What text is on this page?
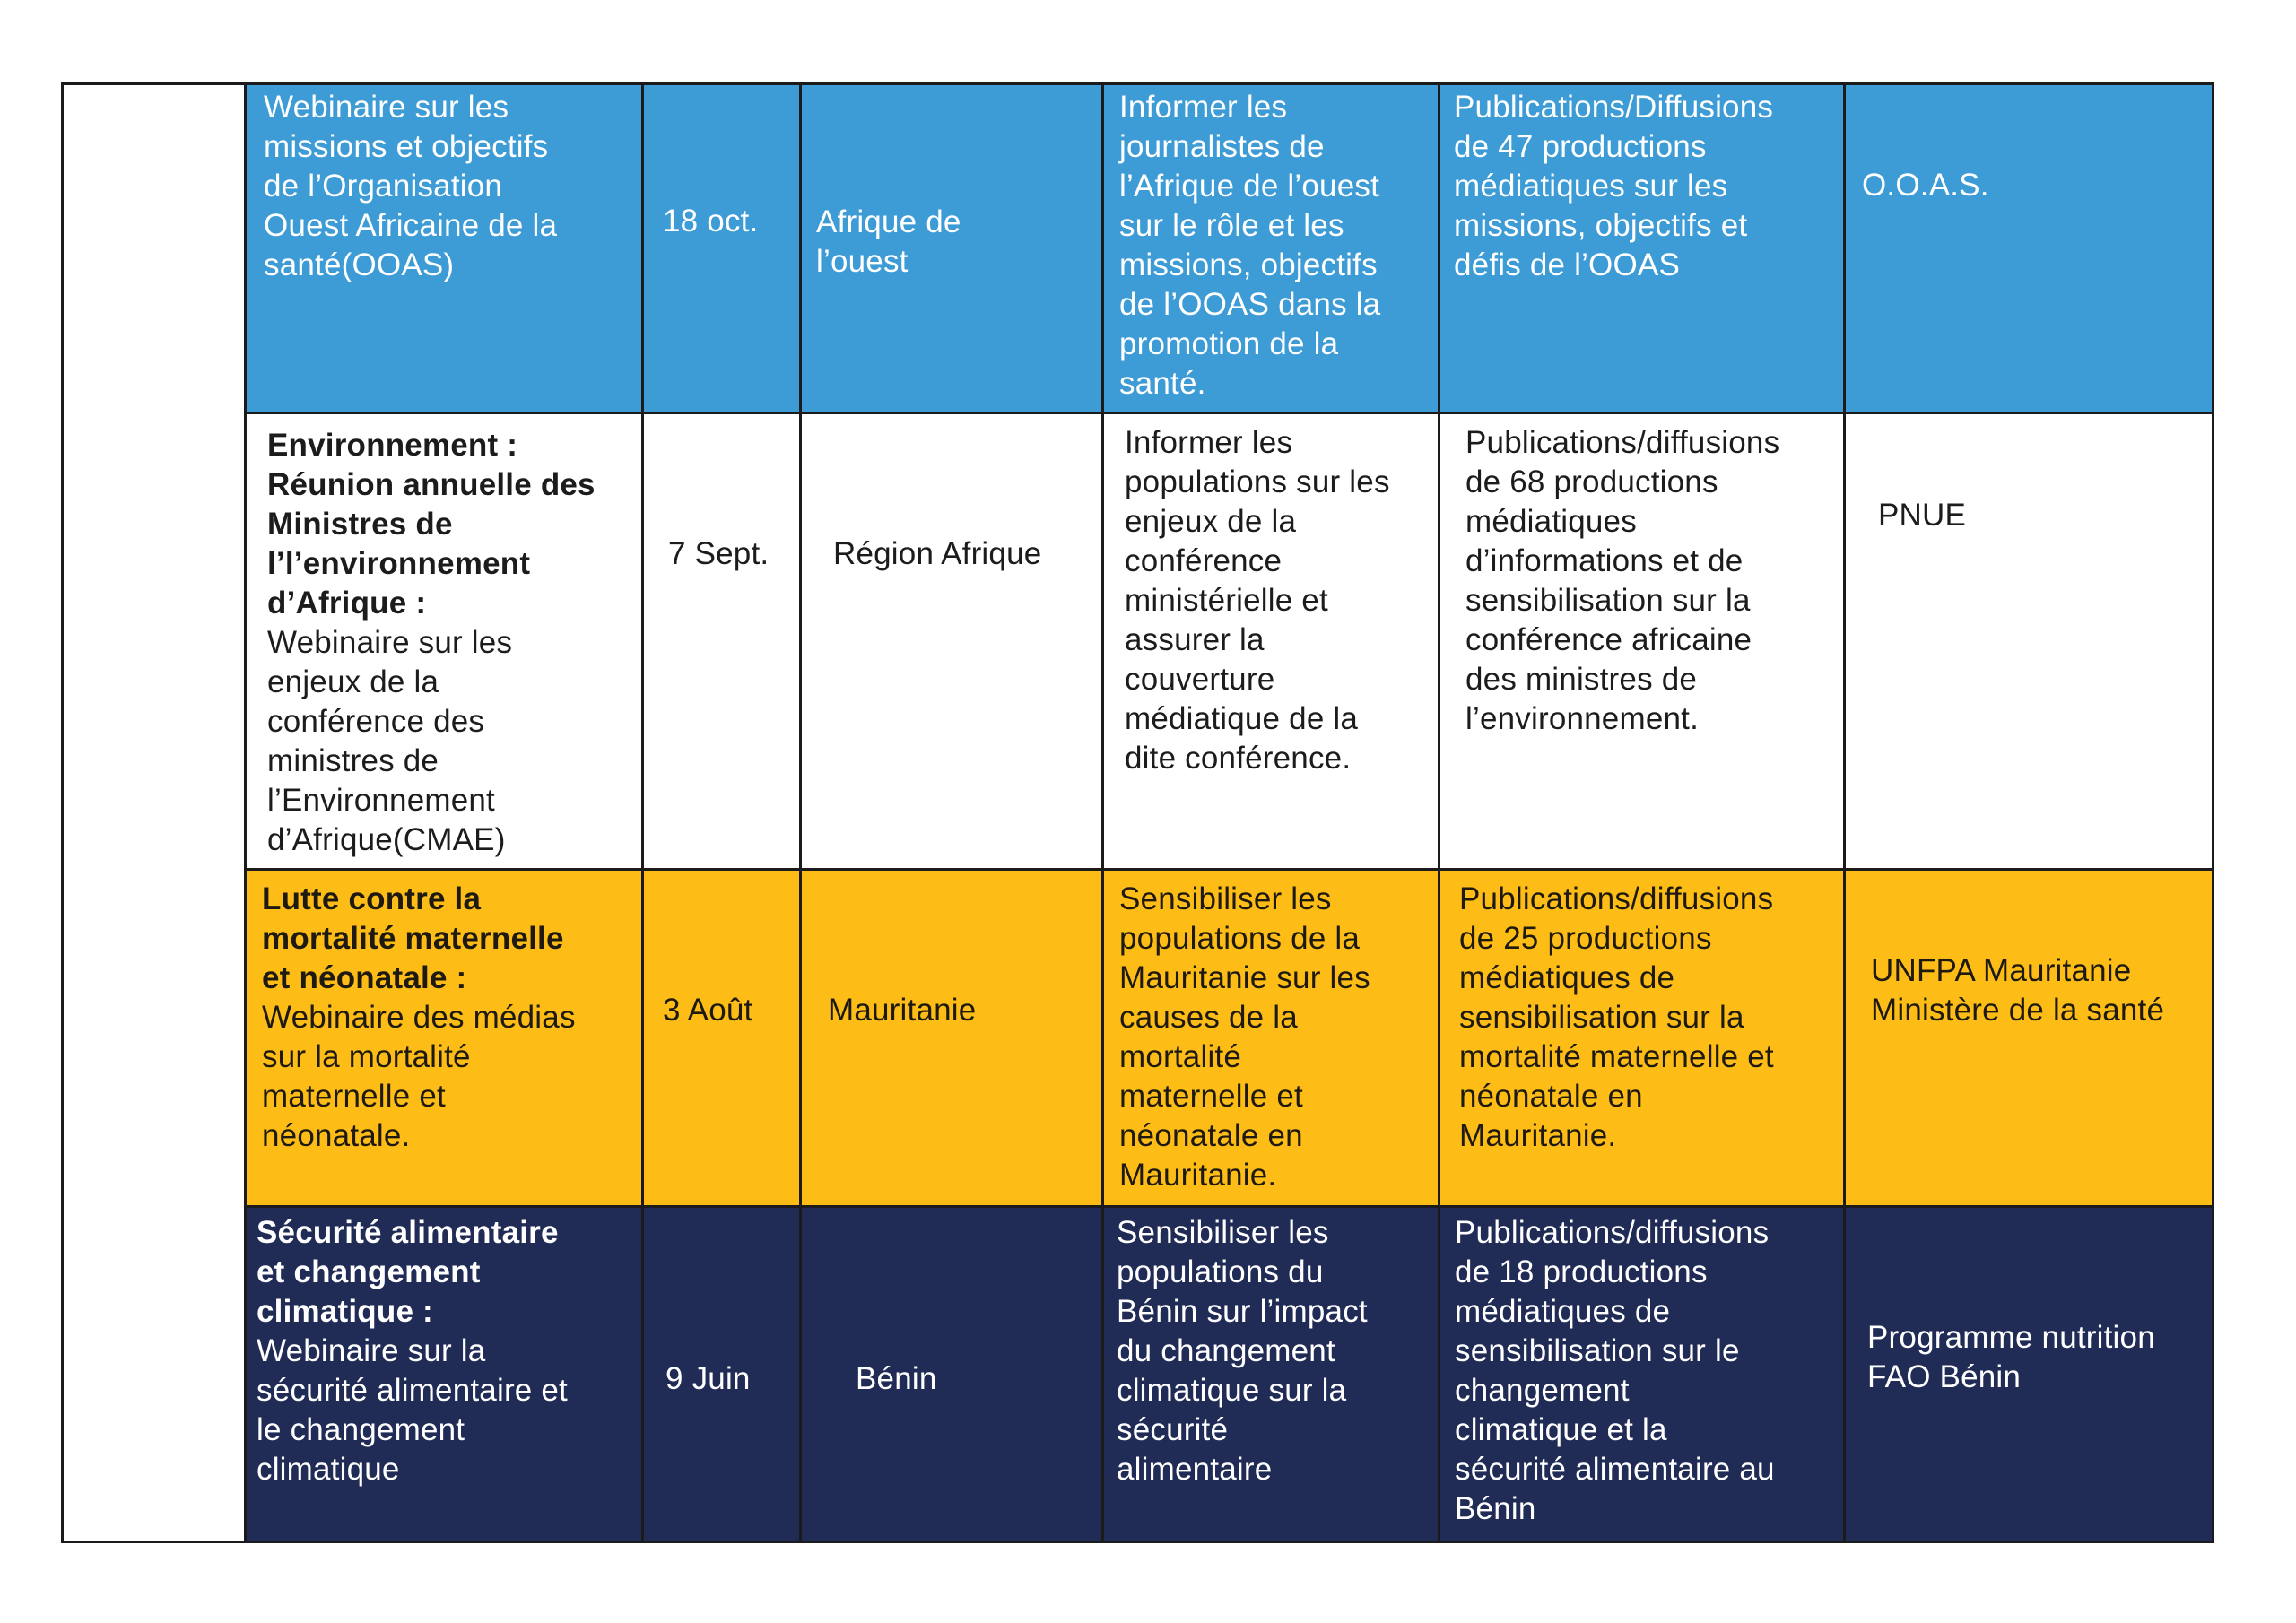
Webinaire sur les
missions et objectifs
de l’Organisation
Ouest Africaine de la
santé(OOAS)
18 oct. Afrique de
l’ouest
Informer les
journalistes de
l’Afrique de l’ouest
sur le rôle et les
missions, objectifs
de l’OOAS dans la
promotion de la
santé.
Publications/Diffusions
de 47 productions
médiatiques sur les
missions, objectifs et
défis de l’OOAS
O.O.A.S.
Environnement :
Réunion annuelle des
Ministres de
l’l’environnement
d’Afrique :
Webinaire sur les
enjeux de la
conférence des
ministres de
l’Environnement
d’Afrique(CMAE)
7 Sept. Région Afrique
Informer les
populations sur les
enjeux de la
conférence
ministérielle et
assurer la
couverture
médiatique de la
dite conférence.
Publications/diffusions
de 68 productions
médiatiques
d’informations et de
sensibilisation sur la
conférence africaine
des ministres de
l’environnement.
PNUE
Lutte contre la
mortalité maternelle
et néonatale :
Webinaire des médias
sur la mortalité
maternelle et
néonatale.
3 Août Mauritanie
Sensibiliser les
populations de la
Mauritanie sur les
causes de la
mortalité
maternelle et
néonatale en
Mauritanie.
Publications/diffusions
de 25 productions
médiatiques de
sensibilisation sur la
mortalité maternelle et
néonatale en
Mauritanie.
UNFPA Mauritanie
Ministère de la santé
Sécurité alimentaire
et changement
climatique :
Webinaire sur la
sécurité alimentaire et
le changement
climatique
9 Juin	Bénin
Sensibiliser les
populations du
Bénin sur l’impact
du changement
climatique sur la
sécurité
alimentaire
Publications/diffusions
de 18 productions
médiatiques de
sensibilisation sur le
changement
climatique et la
sécurité alimentaire au
Bénin
Programme nutrition
FAO Bénin
